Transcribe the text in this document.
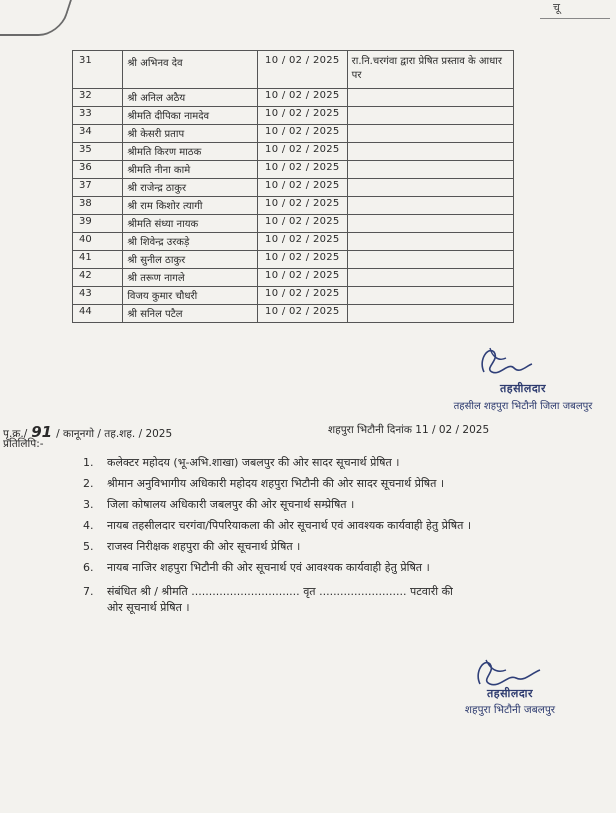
चू
31	श्री अभिनव देव	10 / 02 / 2025	रा.नि.चरगंवा द्वारा प्रेषित प्रस्ताव के आधार पर
32	श्री अनिल अठैय	10 / 02 / 2025	
33	श्रीमति दीपिका नामदेव	10 / 02 / 2025	
34	श्री केसरी प्रताप	10 / 02 / 2025	
35	श्रीमति किरण माठक	10 / 02 / 2025	
36	श्रीमति नीना कामे	10 / 02 / 2025	
37	श्री राजेन्द्र ठाकुर	10 / 02 / 2025	
38	श्री राम किशोर त्यागी	10 / 02 / 2025	
39	श्रीमति संध्या नायक	10 / 02 / 2025	
40	श्री शिवेन्द्र उरकड़े	10 / 02 / 2025	
41	श्री सुनील ठाकुर	10 / 02 / 2025	
42	श्री तरूण नागले	10 / 02 / 2025	
43	विजय कुमार चौधरी	10 / 02 / 2025	
44	श्री सनिल पटैल	10 / 02 / 2025	
तहसीलदार
तहसील शहपुरा भिटौनी जिला जबलपुर
पृ.क्र./ 91 / कानूनगो / तह.शह. / 2025	शहपुरा भिटौनी दिनांक 11 / 02 / 2025
प्रतिलिपि:-
1. कलेक्टर महोदय (भू-अभि.शाखा) जबलपुर की ओर सादर सूचनार्थ प्रेषित ।
2. श्रीमान अनुविभागीय अधिकारी महोदय शहपुरा भिटौनी की ओर सादर सूचनार्थ प्रेषित ।
3. जिला कोषालय अधिकारी जबलपुर की ओर सूचनार्थ सम्प्रेषित ।
4. नायब तहसीलदार चरगंवा/पिपरियाकला की ओर सूचनार्थ एवं आवश्यक कार्यवाही हेतु प्रेषित ।
5. राजस्व निरीक्षक शहपुरा की ओर सूचनार्थ प्रेषित ।
6. नायब नाजिर शहपुरा भिटौनी की ओर सूचनार्थ एवं आवश्यक कार्यवाही हेतु प्रेषित ।
7. संबंधित श्री / श्रीमति ............................... वृत ......................... पटवारी की
ओर सूचनार्थ प्रेषित ।
तहसीलदार
शहपुरा भिटौनी जबलपुर
